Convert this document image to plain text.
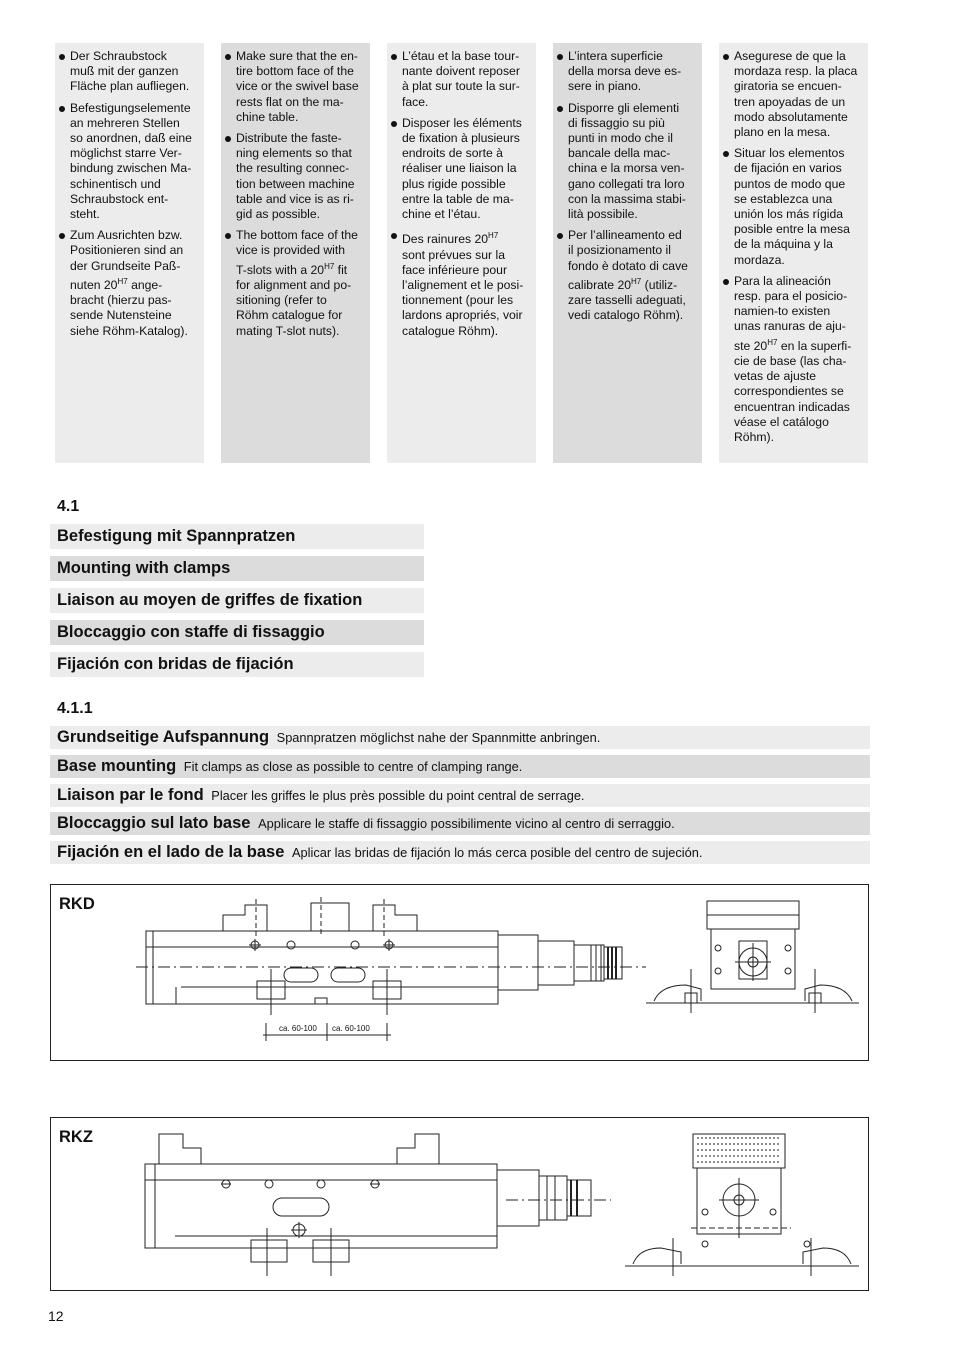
Der Schraubstock
muß mit der ganzen
Fläche plan aufliegen.
Befestigungselemente
an mehreren Stellen
so anordnen, daß eine
möglichst starre Ver-
bindung zwischen Ma-
schinentisch und
Schraubstock ent-
steht.
Zum Ausrichten bzw.
Positionieren sind an
der Grundseite Paß-
nuten $20^{H7}$ ange-
bracht (hierzu pas-
sende Nutensteine
siehe Röhm-Katalog).
Make sure that the en-
tire bottom face of the
vice or the swivel base
rests flat on the ma-
chine table.
Distribute the faste-
ning elements so that
the resulting connec-
tion between machine
table and vice is as ri-
gid as possible.
The bottom face of the
vice is provided with
T-slots with a $20^{H7}$ fit
for alignment and po-
sitioning (refer to
Röhm catalogue for
mating T-slot nuts).
L’étau et la base tour-
nante doivent reposer
à plat sur toute la sur-
face.
Disposer les éléments
de fixation à plusieurs
endroits de sorte à
réaliser une liaison la
plus rigide possible
entre la table de ma-
chine et l’étau.
Des rainures $20^{H7}$
sont prévues sur la
face inférieure pour
l’alignement et le posi-
tionnement (pour les
lardons apropriés, voir
catalogue Röhm).
L’intera superficie
della morsa deve es-
sere in piano.
Disporre gli elementi
di fissaggio su più
punti in modo che il
bancale della mac-
china e la morsa ven-
gano collegati tra loro
con la massima stabi-
lità possibile.
Per l’allineamento ed
il posizionamento il
fondo è dotato di cave
calibrate $20^{H7}$ (utiliz-
zare tasselli adeguati,
vedi catalogo Röhm).
Asegurese de que la
mordaza resp. la placa
giratoria se encuen-
tren apoyadas de un
modo absolutamente
plano en la mesa.
Situar los elementos
de fijación en varios
puntos de modo que
se establezca una
unión los más rígida
posible entre la mesa
de la máquina y la
mordaza.
Para la alineación
resp. para el posicio-
namien-to existen
unas ranuras de aju-
ste $20^{H7}$ en la superfi-
cie de base (las cha-
vetas de ajuste
correspondientes se
encuentran indicadas
véase el catálogo
Röhm).
4.1
Befestigung mit Spannpratzen
Mounting with clamps
Liaison au moyen de griffes de fixation
Bloccaggio con staffe di fissaggio
Fijación con bridas de fijación
4.1.1
Grundseitige Aufspannung Spannpratzen möglichst nahe der Spannmitte anbringen.
Base mounting Fit clamps as close as possible to centre of clamping range.
Liaison par le fond Placer les griffes le plus près possible du point central de serrage.
Bloccaggio sul lato base Applicare le staffe di fissaggio possibilimente vicino al centro di serraggio.
Fijación en el lado de la base Aplicar las bridas de fijación lo más cerca posible del centro de sujeción.
RKD
ca. 60-100 ca. 60-100
RKZ
12
